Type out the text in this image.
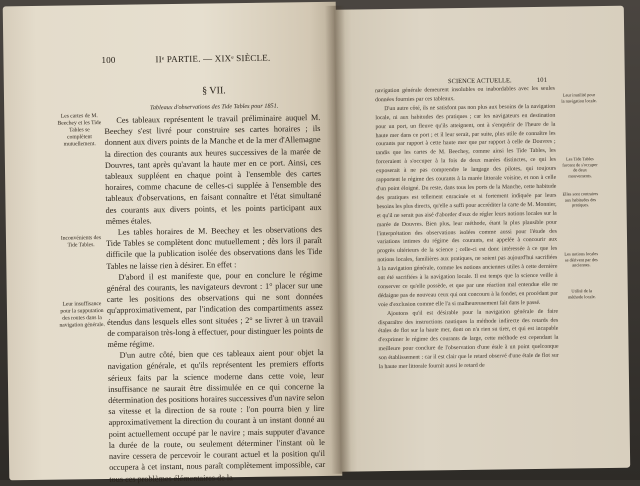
100	IIᵉ PARTIE. — XIXᵉ SIÈCLE.
§ VII.
Tableaux d'observations des Tide Tables pour 1851.

Les cartes de M. Beechey et les Tide Tables se complètent mutuellement.

Inconvénients des Tide Tables.

Leur insuffisance pour la supputation des routes dans la navigation générale.

Ces tableaux représentent le travail préliminaire auquel M. Beechey s'est livré pour construire ses cartes horaires ; ils donnent aux divers points de la Manche et de la mer d'Allemagne la direction des courants aux heures successives de la marée de Douvres, tant après qu'avant la haute mer en ce port. Ainsi, ces tableaux suppléent en chaque point à l'ensemble des cartes horaires, comme chacune de celles-ci supplée à l'ensemble des tableaux d'observations, en faisant connaître et l'état simultané des courants aux divers points, et les points participant aux mêmes étales.

Les tables horaires de M. Beechey et les observations des Tide Tables se complètent donc mutuellement ; dès lors il paraît difficile que la publication isolée des observations dans les Tide Tables ne laisse rien à désirer. En effet :

D'abord il est manifeste que, pour en conclure le régime général des courants, les navigateurs devront : 1° placer sur une carte les positions des observations qui ne sont données qu'approximativement, par l'indication des compartiments assez étendus dans lesquels elles sont situées ; 2° se livrer à un travail de comparaison très-long à effectuer, pour distinguer les points de même régime.

D'un autre côté, bien que ces tableaux aient pour objet la navigation générale, et qu'ils représentent les premiers efforts sérieux faits par la science moderne dans cette voie, leur insuffisance ne saurait être dissimulée en ce qui concerne la détermination des positions horaires successives d'un navire selon sa vitesse et la direction de sa route : l'on pourra bien y lire approximativement la direction du courant à un instant donné au point actuellement occupé par le navire ; mais supputer d'avance la durée de la route, ou seulement déterminer l'instant où le navire cessera de percevoir le courant actuel et la position qu'il occupera à cet instant, nous paraît complètement impossible, car tous ces problèmes élémentaires de la

SCIENCE ACTUELLE.	101

navigation générale demeurent insolubles ou inabordables avec les seules données fournies par ces tableaux.

D'un autre côté, ils ne satisfont pas non plus aux besoins de la navigation locale, ni aux habitudes des pratiques ; car les navigateurs en destination pour un port, un fleuve qu'ils atteignent, ont à s'enquérir de l'heure de la haute mer dans ce port ; et il leur serait, par suite, plus utile de connaître les courants par rapport à cette haute mer que par rapport à celle de Douvres ; tandis que les cartes de M. Beechey, comme ainsi les Tide Tables, les forceraient à s'occuper à la fois de deux marées distinctes, ce qui les exposerait à ne pas comprendre le langage des pilotes, qui toujours rapportent le régime des courants à la marée littorale voisine, et non à celle d'un point éloigné. Du reste, dans tous les ports de la Manche, cette habitude des pratiques est tellement enracinée et si fortement indiquée par leurs besoins les plus directs, qu'elle a suffi pour accréditer la carte de M. Monnier, et qu'il ne serait pas aisé d'aborder d'eux de régler leurs notions locales sur la marée de Douvres. Bien plus, leur méthode, étant la plus plausible pour l'interprétation des observations isolées comme aussi pour l'étude des variations intimes du régime des courants, est appelée à concourir aux progrès ultérieurs de la science ; celle-ci est donc intéressée à ce que les notions locales, familières aux pratiques, ne soient pas aujourd'hui sacrifiées à la navigation générale, comme les notions anciennes utiles à cette dernière ont été sacrifiées à la navigation locale. Il est temps que la science veille à conserver ce qu'elle possède, et que par une réaction mal entendue elle ne dédaigne pas de nouveau ceux qui ont concouru à la fonder, en procédant par voie d'exclusion comme elle l'a si malheureusement fait dans le passé.

Ajoutons qu'il est désirable pour la navigation générale de faire disparaître des instructions nautiques la méthode indirecte des retards des étales de flot sur la haute mer, dont on n'a rien su tirer, et qui est incapable d'exprimer le régime des courants de large, cette méthode est cependant la meilleure pour conclure de l'observation d'une étale à un point quelconque son établissement : car il est clair que le retard observé d'une étale de flot sur la haute mer littorale fournit aussi le retard de

Leur inutilité pour la navigation locale.

Les Tide Tables forcent de s'occuper de deux mouvements.

Elles sont contraires aux habitudes des pratiques.

Les notions locales se dérivent par des anciennes.

Utilité de la méthode locale.
